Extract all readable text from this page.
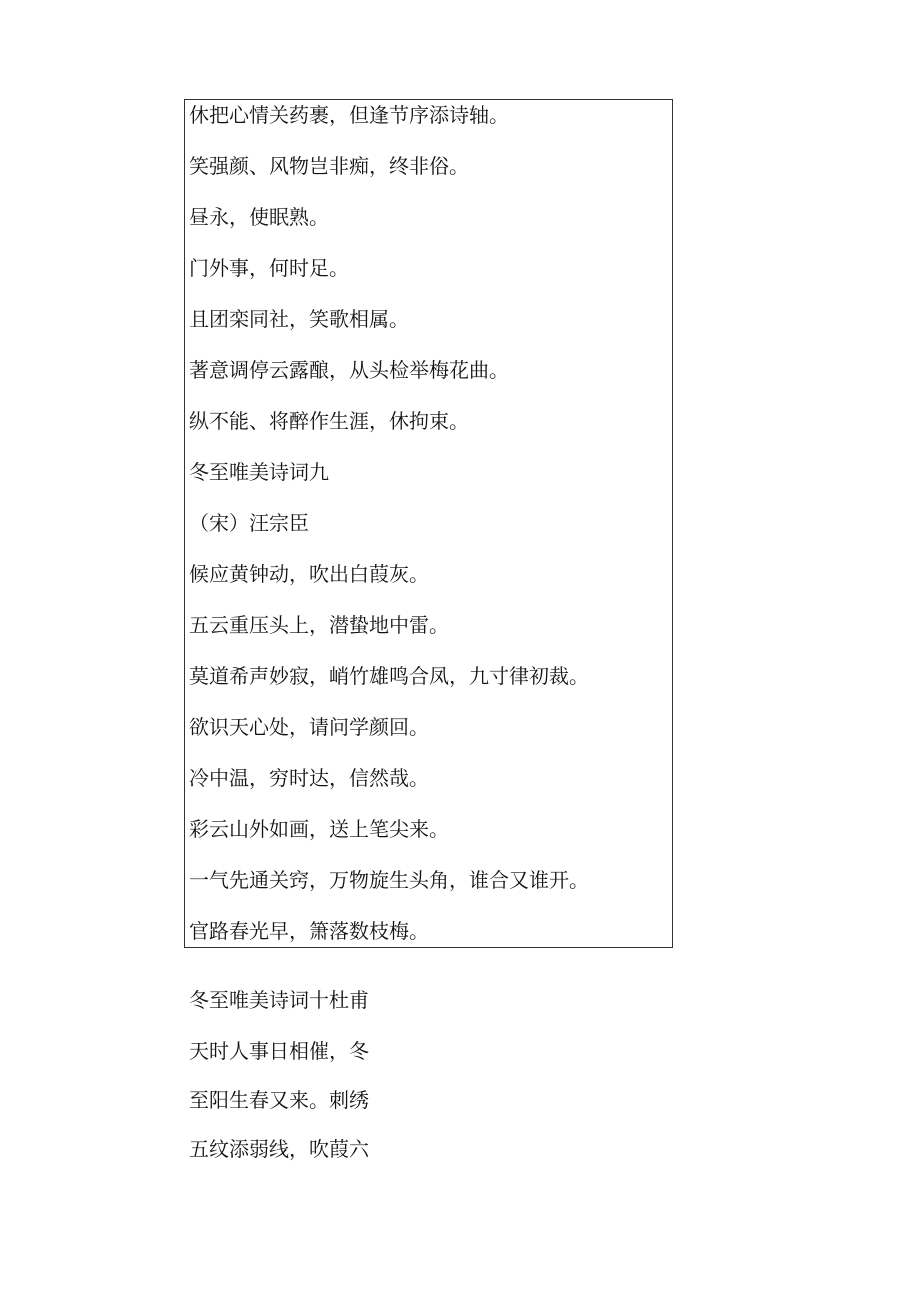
休把心情关药裹，但逢节序添诗轴。
笑强颜、风物岂非痴，终非俗。
昼永，使眠熟。
门外事，何时足。
且团栾同社，笑歌相属。
著意调停云露酿，从头检举梅花曲。
纵不能、将醉作生涯，休拘束。
冬至唯美诗词九
（宋）汪宗臣
候应黄钟动，吹出白葭灰。
五云重压头上，潜蛰地中雷。
莫道希声妙寂，峭竹雄鸣合凤，九寸律初裁。
欲识天心处，请问学颜回。
冷中温，穷时达，信然哉。
彩云山外如画，送上笔尖来。
一气先通关窍，万物旋生头角，谁合又谁开。
官路春光早，箫落数枝梅。
冬至唯美诗词十杜甫
天时人事日相催，冬
至阳生春又来。刺绣
五纹添弱线，吹葭六
